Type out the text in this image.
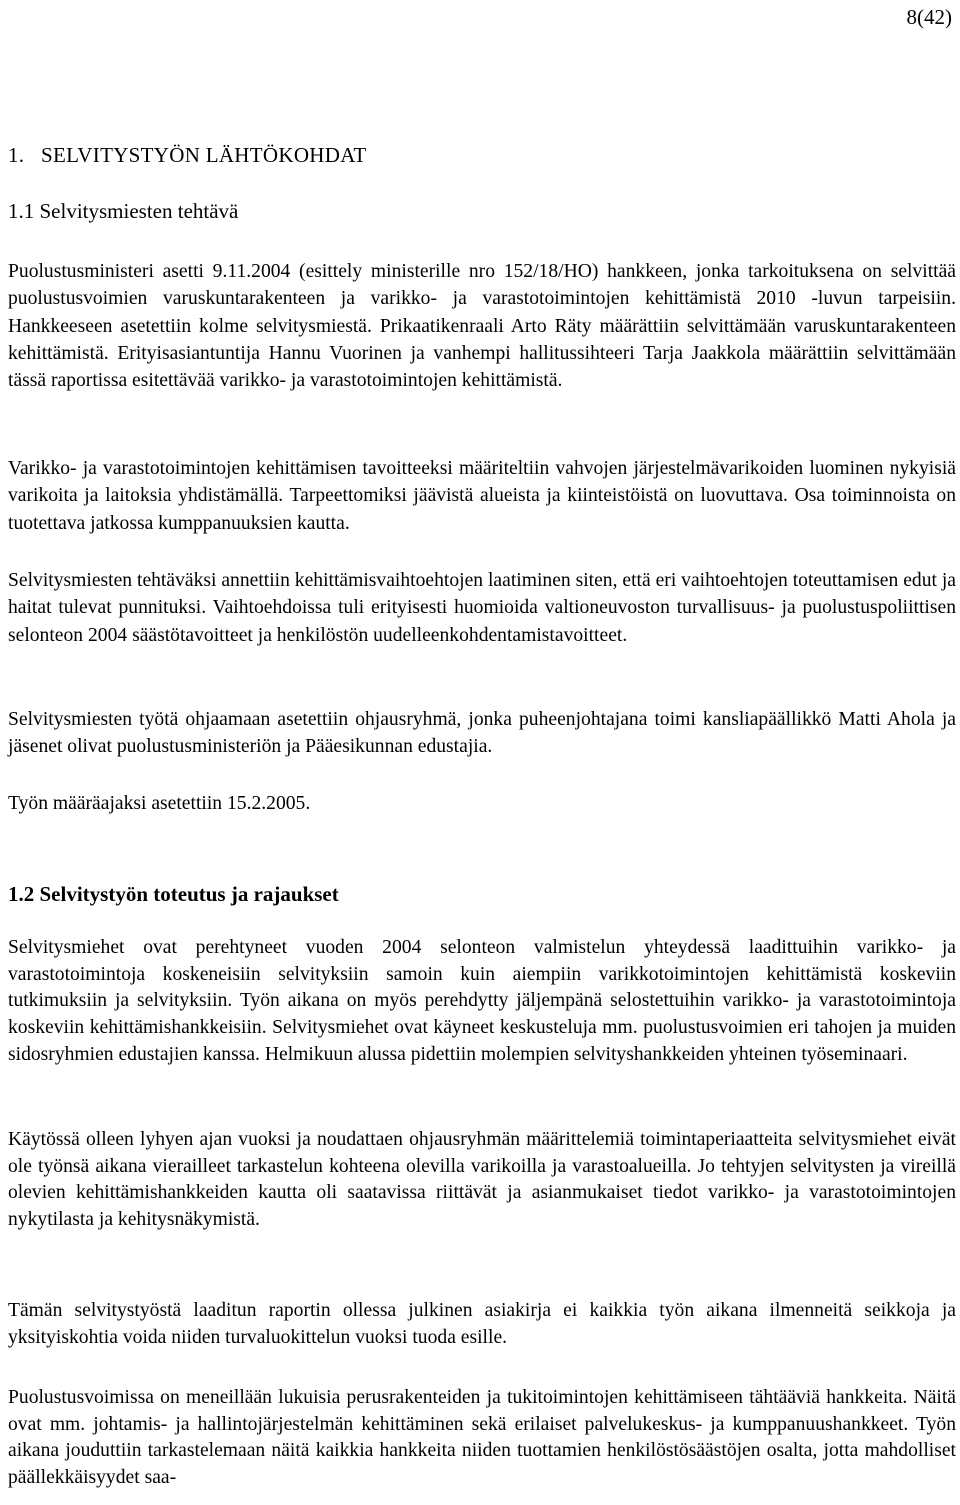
8(42)
1.   SELVITYSTYÖN LÄHTÖKOHDAT
1.1 Selvitysmiesten tehtävä

Puolustusministeri asetti 9.11.2004 (esittely ministerille nro 152/18/HO) hankkeen, jonka tarkoituksena on selvittää puolustusvoimien varuskuntarakenteen ja varikko- ja varastotoimintojen kehittämistä 2010 -luvun tarpeisiin. Hankkeeseen asetettiin kolme selvitysmiestä. Prikaatikenraali Arto Räty määrättiin selvittämään varuskuntarakenteen kehittämistä. Erityisasiantuntija Hannu Vuorinen ja vanhempi hallitussihteeri Tarja Jaakkola määrättiin selvittämään tässä raportissa esitettävää varikko- ja varastotoimintojen kehittämistä.

Varikko- ja varastotoimintojen kehittämisen tavoitteeksi määriteltiin vahvojen järjestelmävarikoiden luominen nykyisiä varikoita ja laitoksia yhdistämällä. Tarpeettomiksi jäävistä alueista ja kiinteistöistä on luovuttava. Osa toiminnoista on tuotettava jatkossa kumppanuuksien kautta.

Selvitysmiesten tehtäväksi annettiin kehittämisvaihtoehtojen laatiminen siten, että eri vaihtoehtojen toteuttamisen edut ja haitat tulevat punnituksi. Vaihtoehdoissa tuli erityisesti huomioida valtioneuvoston turvallisuus- ja puolustuspoliittisen selonteon 2004 säästötavoitteet ja henkilöstön uudelleenkohdentamistavoitteet.

Selvitysmiesten työtä ohjaamaan asetettiin ohjausryhmä, jonka puheenjohtajana toimi kansliapäällikkö Matti Ahola ja jäsenet olivat puolustusministeriön ja Pääesikunnan edustajia.

Työn määräajaksi asetettiin 15.2.2005.

1.2 Selvitystyön toteutus ja rajaukset

Selvitysmiehet ovat perehtyneet vuoden 2004 selonteon valmistelun yhteydessä laadittuihin varikko- ja varastotoimintoja koskeneisiin selvityksiin samoin kuin aiempiin varikkotoimintojen kehittämistä koskeviin tutkimuksiin ja selvityksiin. Työn aikana on myös perehdytty jäljempänä selostettuihin varikko- ja varastotoimintoja koskeviin kehittämishankkeisiin. Selvitysmiehet ovat käyneet keskusteluja mm. puolustusvoimien eri tahojen ja muiden sidosryhmien edustajien kanssa. Helmikuun alussa pidettiin molempien selvityshankkeiden yhteinen työseminaari.

Käytössä olleen lyhyen ajan vuoksi ja noudattaen ohjausryhmän määrittelemiä toimintaperiaatteita selvitysmiehet eivät ole työnsä aikana vierailleet tarkastelun kohteena olevilla varikoilla ja varastoalueilla. Jo tehtyjen selvitysten ja vireillä olevien kehittämishankkeiden kautta oli saatavissa riittävät ja asianmukaiset tiedot varikko- ja varastotoimintojen nykytilasta ja kehitysnäkymistä.

Tämän selvitystyöstä laaditun raportin ollessa julkinen asiakirja ei kaikkia työn aikana ilmenneitä seikkoja ja yksityiskohtia voida niiden turvaluokittelun vuoksi tuoda esille.

Puolustusvoimissa on meneillään lukuisia perusrakenteiden ja tukitoimintojen kehittämiseen tähtääviä hankkeita. Näitä ovat mm. johtamis- ja hallintojärjestelmän kehittäminen sekä erilaiset palvelukeskus- ja kumppanuushankkeet. Työn aikana jouduttiin tarkastelemaan näitä kaikkia hankkeita niiden tuottamien henkilöstösäästöjen osalta, jotta mahdolliset päällekkäisyydet saa-
